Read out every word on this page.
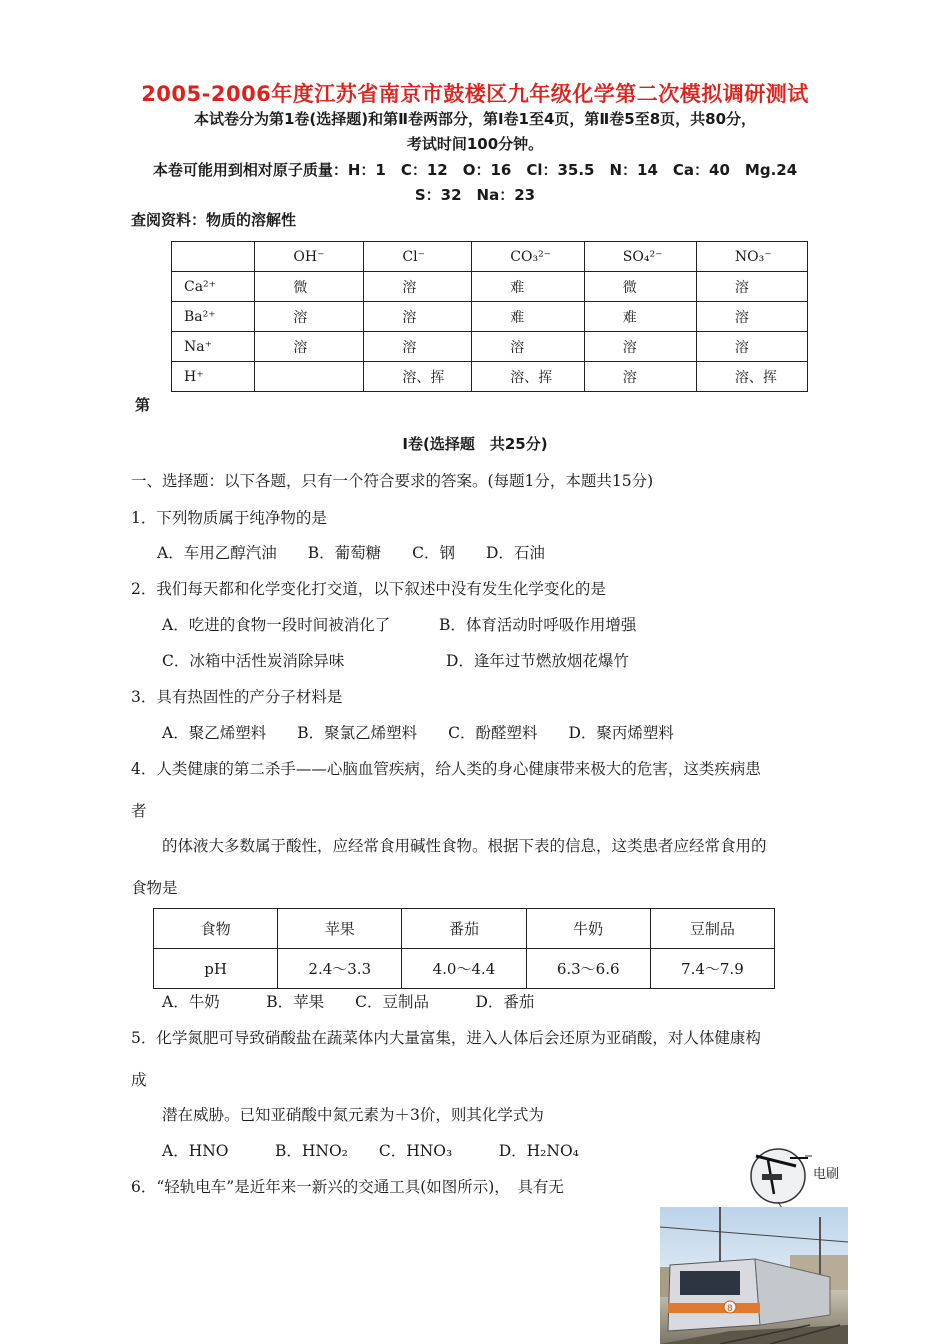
2005-2006年度江苏省南京市鼓楼区九年级化学第二次模拟调研测试
本试卷分为第1卷(选择题)和第Ⅱ卷两部分，第Ⅰ卷1至4页，第Ⅱ卷5至8页，共80分，
考试时间100分钟。
本卷可能用到相对原子质量：H：1　C：12　O：16　Cl：35.5　N：14　Ca：40　Mg.24
S：32　Na：23
查阅资料：物质的溶解性
	OH⁻	Cl⁻	CO₃²⁻	SO₄²⁻	NO₃⁻
Ca²⁺	微	溶	难	微	溶
Ba²⁺	溶	溶	难	难	溶
Na⁺	溶	溶	溶	溶	溶
H⁺		溶、挥	溶、挥	溶	溶、挥
第
Ⅰ卷(选择题　共25分)
一、选择题：以下各题，只有一个符合要求的答案。(每题1分，本题共15分)
1．下列物质属于纯净物的是
A．车用乙醇汽油　　B．葡萄糖　　C．钢　　D．石油
2．我们每天都和化学变化打交道，以下叙述中没有发生化学变化的是
A．吃进的食物一段时间被消化了	B．体育活动时呼吸作用增强
C．冰箱中活性炭消除异味	D．逢年过节燃放烟花爆竹
3．具有热固性的产分子材料是
A．聚乙烯塑料　　B．聚氯乙烯塑料　　C．酚醛塑料　　D．聚丙烯塑料
4．人类健康的第二杀手——心脑血管疾病，给人类的身心健康带来极大的危害，这类疾病患
者
的体液大多数属于酸性，应经常食用碱性食物。根据下表的信息，这类患者应经常食用的
食物是
食物	苹果	番茄	牛奶	豆制品
pH	2.4～3.3	4.0～4.4	6.3～6.6	7.4～7.9
A．牛奶　　　B．苹果　　C．豆制品　　　D．番茄
5．化学氮肥可导致硝酸盐在蔬菜体内大量富集，进入人体后会还原为亚硝酸，对人体健康构
成
潜在威胁。已知亚硝酸中氮元素为＋3价，则其化学式为
A．HNO　　　B．HNO₂　　C．HNO₃　　　D．H₂NO₄
6．“轻轨电车”是近年来一新兴的交通工具(如图所示)，　具有无
电刷
8
